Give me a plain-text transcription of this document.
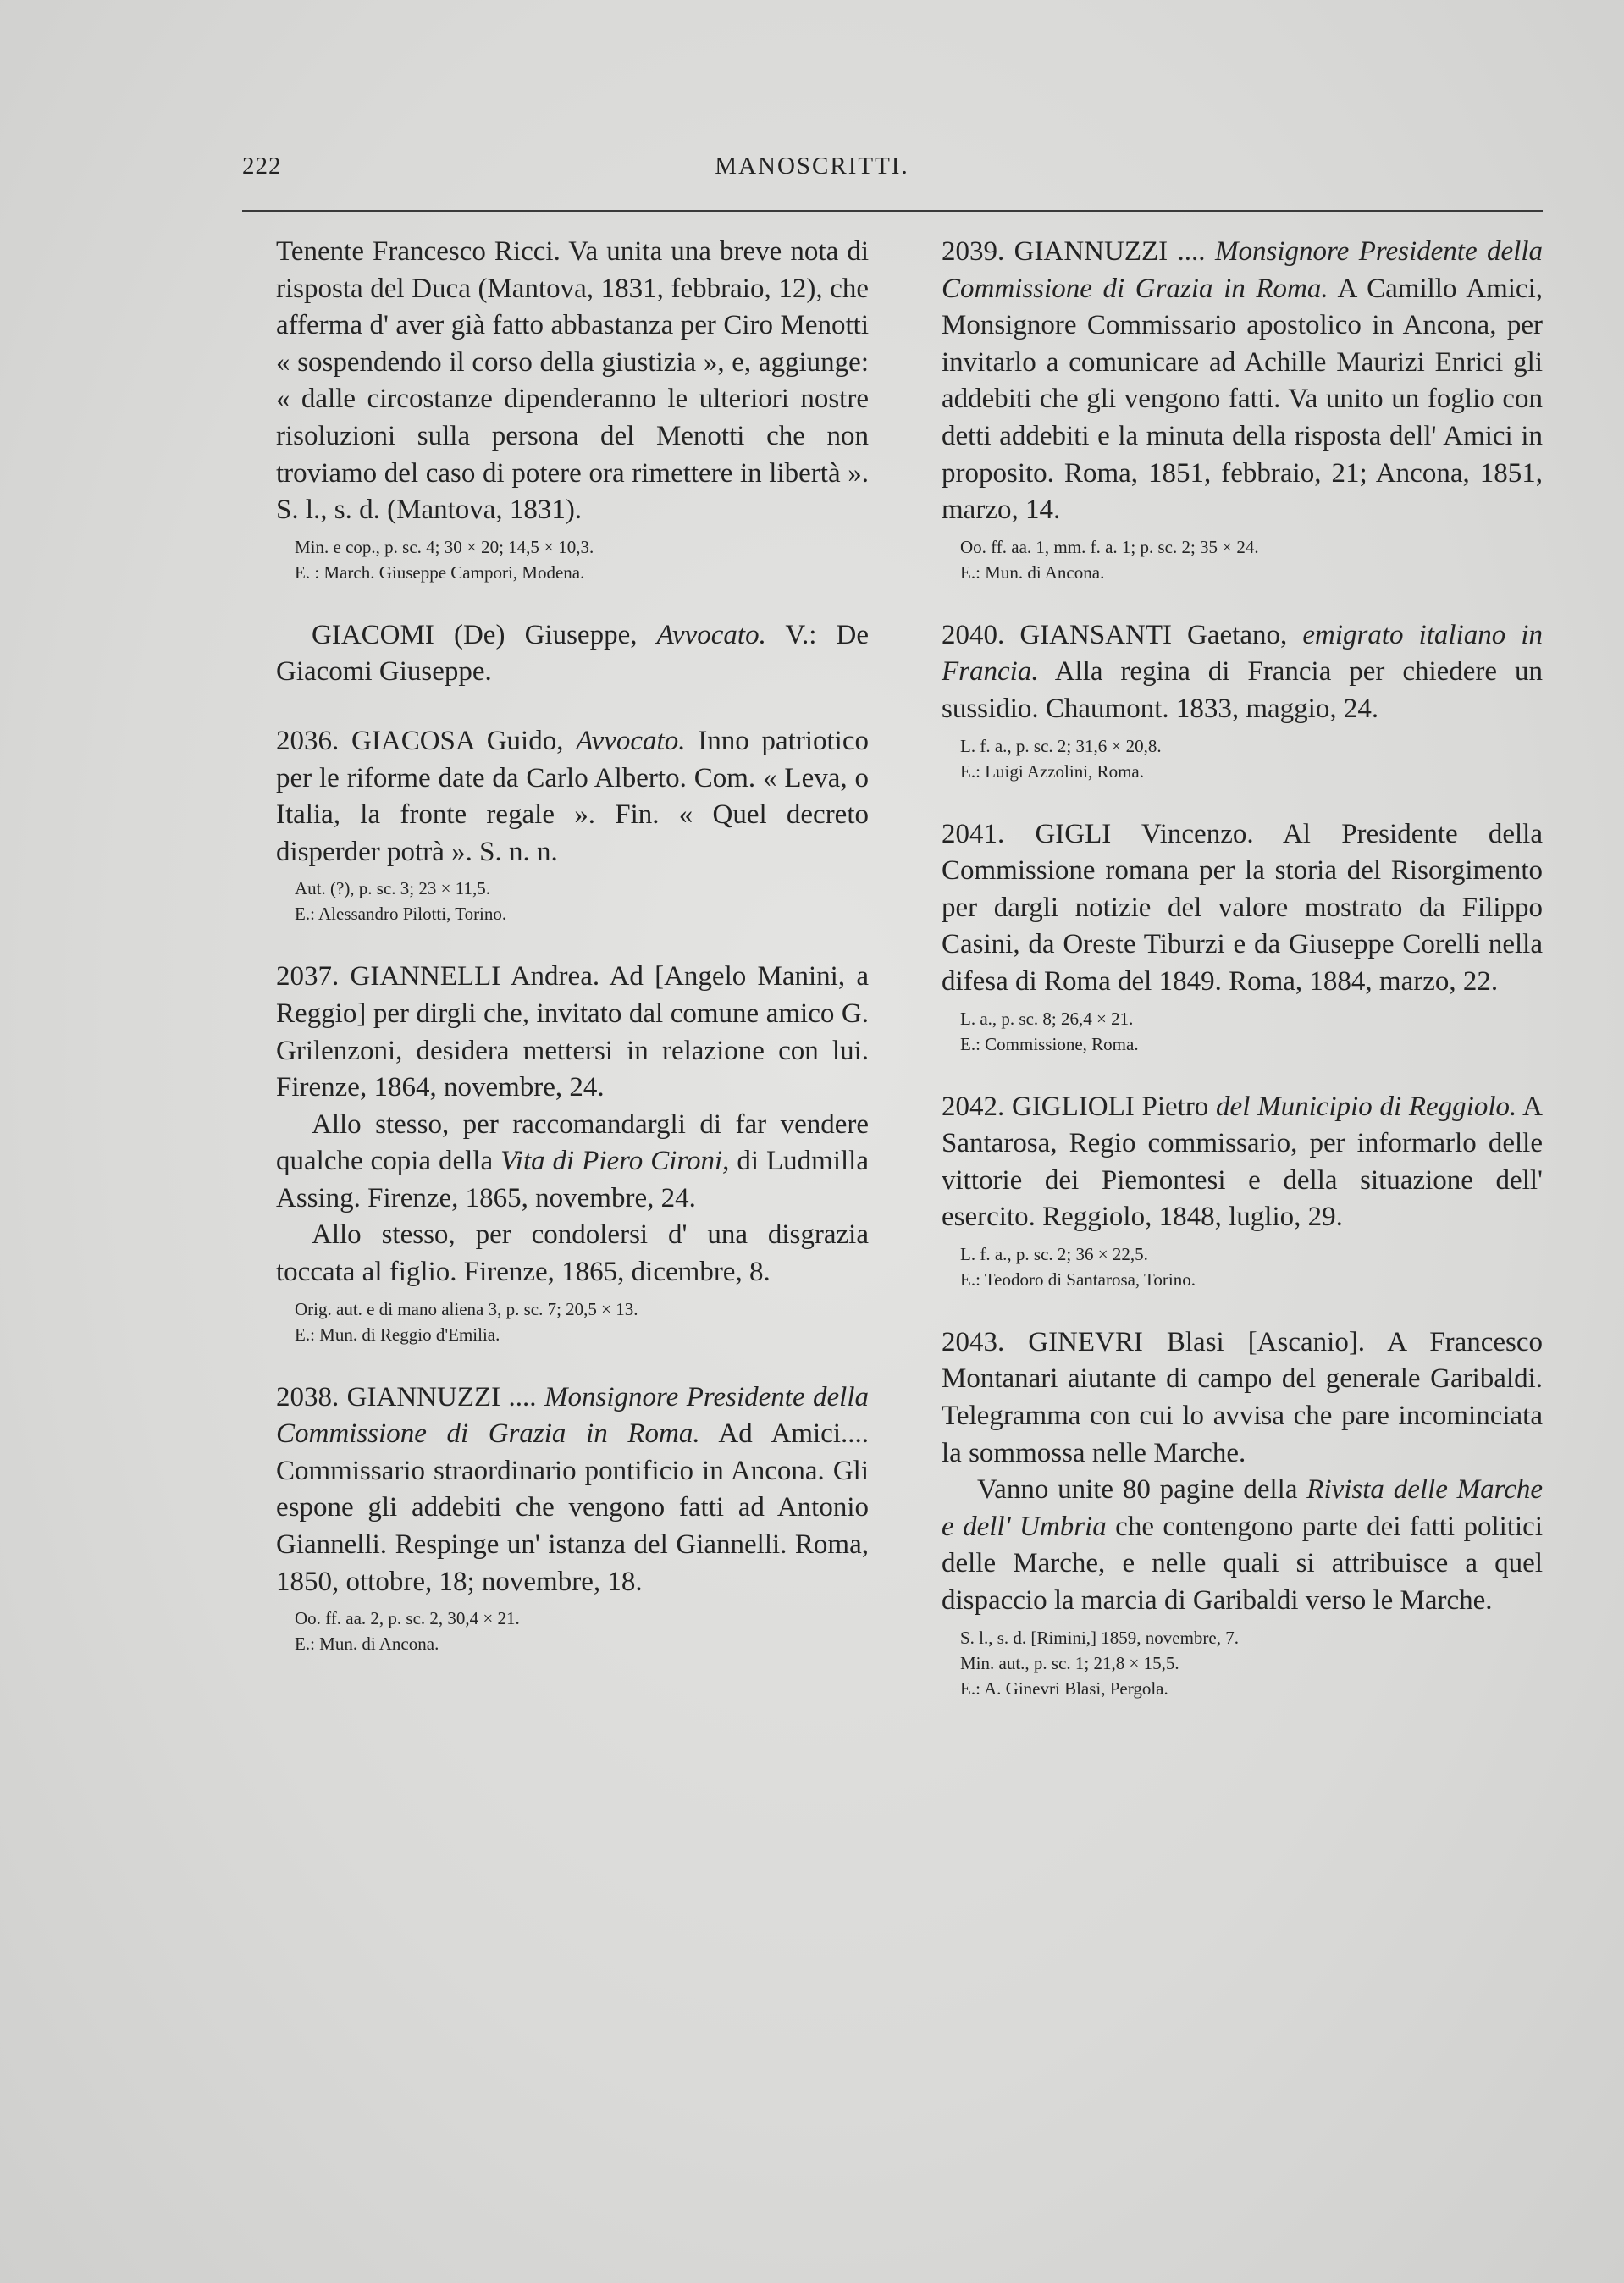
222	MANOSCRITTI.

Tenente Francesco Ricci. Va unita una breve nota di risposta del Duca (Mantova, 1831, febbraio, 12), che afferma d' aver già fatto abbastanza per Ciro Menotti « sospendendo il corso della giustizia », e, aggiunge: « dalle circostanze dipenderanno le ulteriori nostre risoluzioni sulla persona del Menotti che non troviamo del caso di potere ora rimettere in libertà ». S. l., s. d. (Mantova, 1831).

Min. e cop., p. sc. 4; 30 × 20; 14,5 × 10,3.
E. : March. Giuseppe Campori, Modena.

GIACOMI (De) Giuseppe, Avvocato. V.: De Giacomi Giuseppe.

2036. GIACOSA Guido, Avvocato. Inno patriotico per le riforme date da Carlo Alberto. Com. « Leva, o Italia, la fronte regale ». Fin. « Quel decreto disperder potrà ». S. n. n.

Aut. (?), p. sc. 3; 23 × 11,5.
E.: Alessandro Pilotti, Torino.

2037. GIANNELLI Andrea. Ad [Angelo Manini, a Reggio] per dirgli che, invitato dal comune amico G. Grilenzoni, desidera mettersi in relazione con lui. Firenze, 1864, novembre, 24.

Allo stesso, per raccomandargli di far vendere qualche copia della Vita di Piero Cironi, di Ludmilla Assing. Firenze, 1865, novembre, 24.

Allo stesso, per condolersi d' una disgrazia toccata al figlio. Firenze, 1865, dicembre, 8.

Orig. aut. e di mano aliena 3, p. sc. 7; 20,5 × 13.
E.: Mun. di Reggio d'Emilia.

2038. GIANNUZZI .... Monsignore Presidente della Commissione di Grazia in Roma. Ad Amici.... Commissario straordinario pontificio in Ancona. Gli espone gli addebiti che vengono fatti ad Antonio Giannelli. Respinge un' istanza del Giannelli. Roma, 1850, ottobre, 18; novembre, 18.

Oo. ff. aa. 2, p. sc. 2, 30,4 × 21.
E.: Mun. di Ancona.

2039. GIANNUZZI .... Monsignore Presidente della Commissione di Grazia in Roma. A Camillo Amici, Monsignore Commissario apostolico in Ancona, per invitarlo a comunicare ad Achille Maurizi Enrici gli addebiti che gli vengono fatti. Va unito un foglio con detti addebiti e la minuta della risposta dell' Amici in proposito. Roma, 1851, febbraio, 21; Ancona, 1851, marzo, 14.

Oo. ff. aa. 1, mm. f. a. 1; p. sc. 2; 35 × 24.
E.: Mun. di Ancona.

2040. GIANSANTI Gaetano, emigrato italiano in Francia. Alla regina di Francia per chiedere un sussidio. Chaumont. 1833, maggio, 24.

L. f. a., p. sc. 2; 31,6 × 20,8.
E.: Luigi Azzolini, Roma.

2041. GIGLI Vincenzo. Al Presidente della Commissione romana per la storia del Risorgimento per dargli notizie del valore mostrato da Filippo Casini, da Oreste Tiburzi e da Giuseppe Corelli nella difesa di Roma del 1849. Roma, 1884, marzo, 22.

L. a., p. sc. 8; 26,4 × 21.
E.: Commissione, Roma.

2042. GIGLIOLI Pietro del Municipio di Reggiolo. A Santarosa, Regio commissario, per informarlo delle vittorie dei Piemontesi e della situazione dell' esercito. Reggiolo, 1848, luglio, 29.

L. f. a., p. sc. 2; 36 × 22,5.
E.: Teodoro di Santarosa, Torino.

2043. GINEVRI Blasi [Ascanio]. A Francesco Montanari aiutante di campo del generale Garibaldi. Telegramma con cui lo avvisa che pare incominciata la sommossa nelle Marche.

Vanno unite 80 pagine della Rivista delle Marche e dell' Umbria che contengono parte dei fatti politici delle Marche, e nelle quali si attribuisce a quel dispaccio la marcia di Garibaldi verso le Marche.

S. l., s. d. [Rimini,] 1859, novembre, 7.
Min. aut., p. sc. 1; 21,8 × 15,5.
E.: A. Ginevri Blasi, Pergola.
